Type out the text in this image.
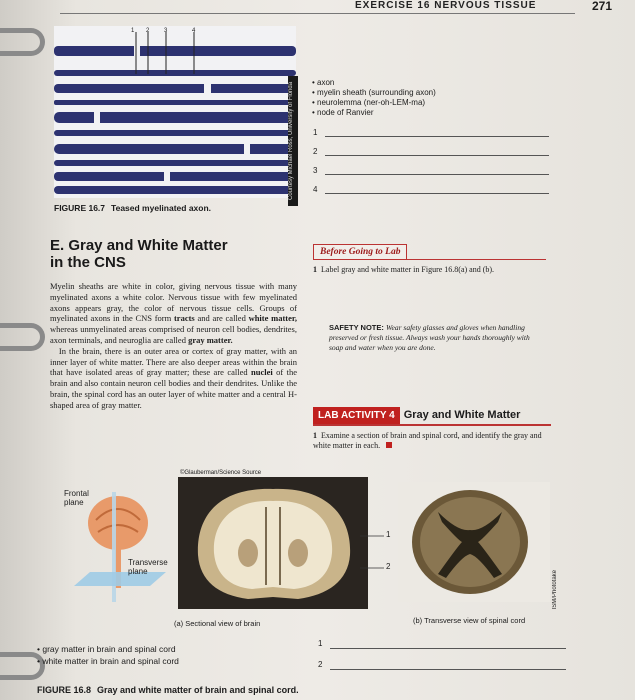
EXERCISE 16 NERVOUS TISSUE	271
1 2 3	4
Courtesy Michael Ross, University of Florida
•	axon
• myelin sheath (surrounding axon)
• neurolemma (ner-oh-LEM-ma)
• node of Ranvier
1
2
3
4
FIGURE 16.7 Teased myelinated axon.
E. Gray and White Matter
in the CNS
Myelin sheaths are white in color, giving nervous tissue with many myelinated axons a white color. Nervous tissue with few myelinated axons appears gray, the color of nervous tissue cells. Groups of myelinated axons in the CNS form tracts and are called white matter, whereas unmyelinated areas comprised of neuron cell bodies, dendrites, axon terminals, and neuroglia are called gray matter.
In the brain, there is an outer area or cortex of gray matter, with an inner layer of white matter. There are also deeper areas within the brain that have isolated areas of gray matter; these are called nuclei of the brain and also contain neuron cell bodies and their dendrites. Unlike the brain, the spinal cord has an outer layer of white matter and a central H-shaped area of gray matter.
Before Going to Lab
1 Label gray and white matter in Figure 16.8(a) and (b).
SAFETY NOTE: Wear safety glasses and gloves when handling preserved or fresh tissue. Always wash your hands thoroughly with soap and water when you are done.
LAB ACTIVITY 4 Gray and White Matter
1 Examine a section of brain and spinal cord, and identify the gray and white matter in each.
©Glauberman/Science Source
Frontal plane
Transverse plane	ISM/Phototake
1
2
(a) Sectional view of brain	(b) Transverse view of spinal cord
• gray matter in brain and spinal cord
• white matter in brain and spinal cord
1
2
FIGURE 16.8 Gray and white matter of brain and spinal cord.
